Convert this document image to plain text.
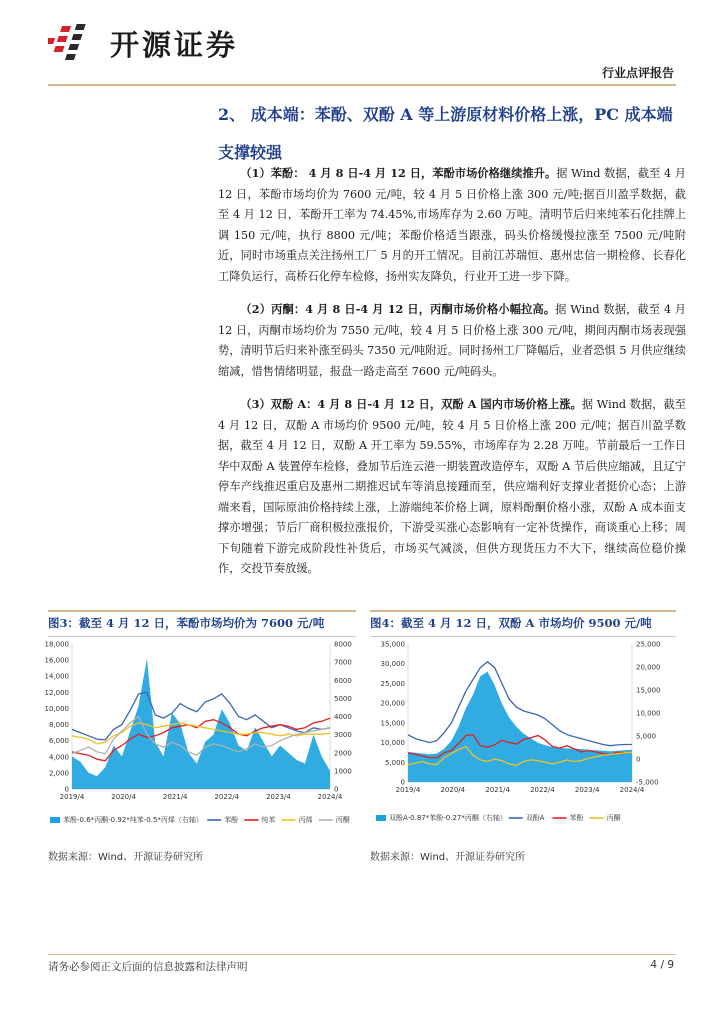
开源证券
行业点评报告
2、 成本端：苯酚、双酚 A 等上游原材料价格上涨，PC 成本端支撑较强

（1）苯酚： 4 月 8 日-4 月 12 日，苯酚市场价格继续推升。据 Wind 数据，截至 4 月 12 日，苯酚市场均价为 7600 元/吨，较 4 月 5 日价格上涨 300 元/吨;据百川盈孚数据，截至 4 月 12 日，苯酚开工率为 74.45%,市场库存为 2.60 万吨。清明节后归来纯苯石化挂牌上调 150 元/吨，执行 8800 元/吨；苯酚价格适当跟涨，码头价格缓慢拉涨至 7500 元/吨附近，同时市场重点关注扬州工厂 5 月的开工情况。目前江苏瑞恒、惠州忠信一期检修、长春化工降负运行，高桥石化停车检修，扬州实友降负，行业开工进一步下降。

（2）丙酮：4 月 8 日-4 月 12 日，丙酮市场价格小幅拉高。据 Wind 数据，截至 4 月 12 日，丙酮市场均价为 7550 元/吨，较 4 月 5 日价格上涨 300 元/吨，期间丙酮市场表现强势，清明节后归来补涨至码头 7350 元/吨附近。同时扬州工厂降幅后，业者恐惧 5 月供应继续缩减，惜售情绪明显，报盘一路走高至 7600 元/吨码头。

（3）双酚 A：4 月 8 日-4 月 12 日，双酚 A 国内市场价格上涨。据 Wind 数据，截至 4 月 12 日，双酚 A 市场均价 9500 元/吨，较 4 月 5 日价格上涨 200 元/吨；据百川盈孚数据，截至 4 月 12 日，双酚 A 开工率为 59.55%，市场库存为 2.28 万吨。节前最后一工作日华中双酚 A 装置停车检修，叠加节后连云港一期装置改造停车，双酚 A 节后供应缩减，且辽宁停车产线推迟重启及惠州二期推迟试车等消息接踵而至，供应端利好支撑业者挺价心态；上游端来看，国际原油价格持续上涨，上游端纯苯价格上调，原料酚酮价格小涨，双酚 A 成本面支撑亦增强；节后厂商积极拉涨报价，下游受买涨心态影响有一定补货操作，商谈重心上移；周下旬随着下游完成阶段性补货后，市场买气减淡，但供方现货压力不大下，继续高位稳价操作，交投节奏放缓。

图3：截至 4 月 12 日，苯酚市场均价为 7600 元/吨
0
2,000
4,000
6,000
8,000
10,000
12,000
14,000
16,000
18,000
0
1000
2000
3000
4000
5000
6000
7000
8000
2019/4	2020/4	2021/4	2022/4	2023/4	2024/4
苯酚-0.6*丙酮-0.92*纯苯-0.5*丙烯（右轴）	苯酚	纯苯	丙烯	丙酮
数据来源：Wind、开源证券研究所
图4：截至 4 月 12 日，双酚 A 市场均价 9500 元/吨
0
5,000
10,000
15,000
20,000
25,000
30,000
35,000
-5,000
0
5,000
10,000
15,000
20,000
25,000
2019/4	2020/4	2021/4	2022/4	2023/4	2024/4
双酚A-0.87*苯酚-0.27*丙酮（右轴）	双酚A	苯酚	丙酮
数据来源：Wind、开源证券研究所
请务必参阅正文后面的信息披露和法律声明	4 / 9
